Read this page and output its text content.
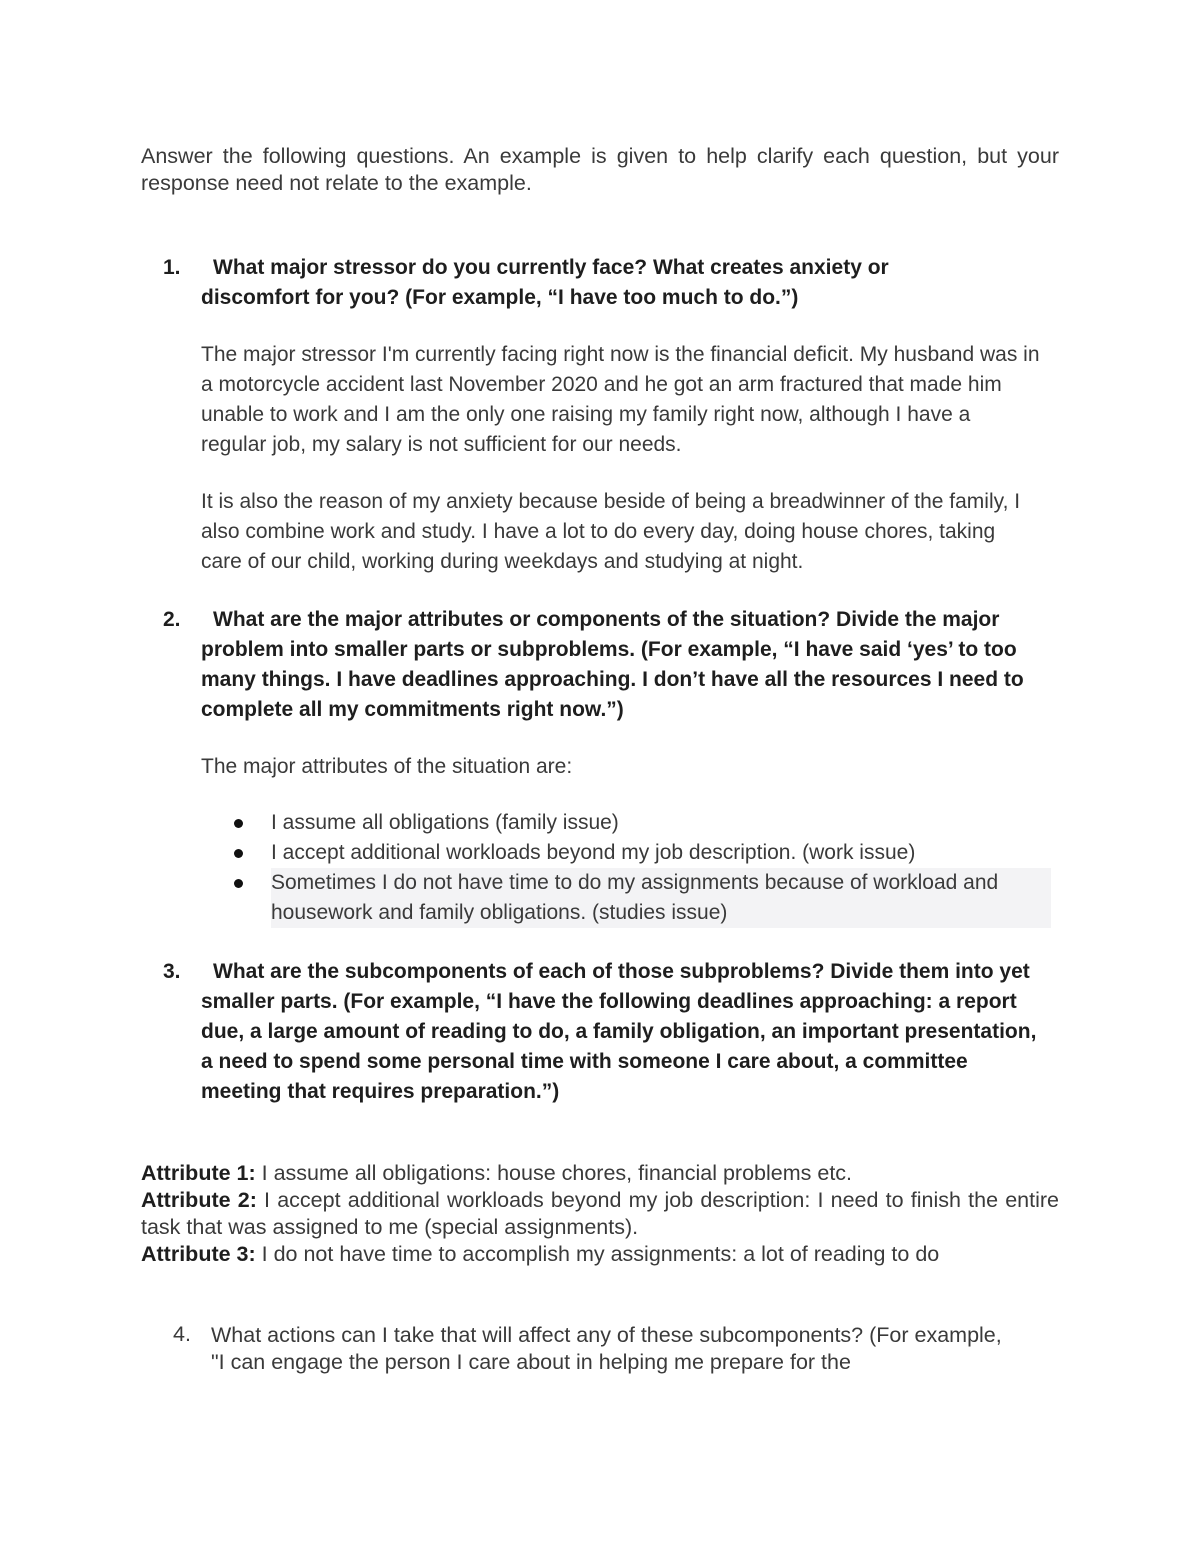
Answer the following questions. An example is given to help clarify each question, but your response need not relate to the example.
1.	What major stressor do you currently face? What creates anxiety or discomfort for you? (For example, “I have too much to do.”)
The major stressor I'm currently facing right now is the financial deficit. My husband was in a motorcycle accident last November 2020 and he got an arm fractured that made him unable to work and I am the only one raising my family right now, although I have a regular job, my salary is not sufficient for our needs.
It is also the reason of my anxiety because beside of being a breadwinner of the family, I also combine work and study. I have a lot to do every day, doing house chores, taking care of our child, working during weekdays and studying at night.
2.	What are the major attributes or components of the situation? Divide the major problem into smaller parts or subproblems. (For example, “I have said ‘yes’ to too many things. I have deadlines approaching. I don’t have all the resources I need to complete all my commitments right now.”)
The major attributes of the situation are:
I assume all obligations (family issue)
I accept additional workloads beyond my job description. (work issue)
Sometimes I do not have time to do my assignments because of workload and housework and family obligations. (studies issue)
3.	What are the subcomponents of each of those subproblems? Divide them into yet smaller parts. (For example, “I have the following deadlines approaching: a report due, a large amount of reading to do, a family obligation, an important presentation, a need to spend some personal time with someone I care about, a committee meeting that requires preparation.”)
Attribute 1: I assume all obligations: house chores, financial problems etc.
Attribute 2: I accept additional workloads beyond my job description: I need to finish the entire task that was assigned to me (special assignments).
Attribute 3: I do not have time to accomplish my assignments: a lot of reading to do
4. What actions can I take that will affect any of these subcomponents? (For example, "I can engage the person I care about in helping me prepare for the
